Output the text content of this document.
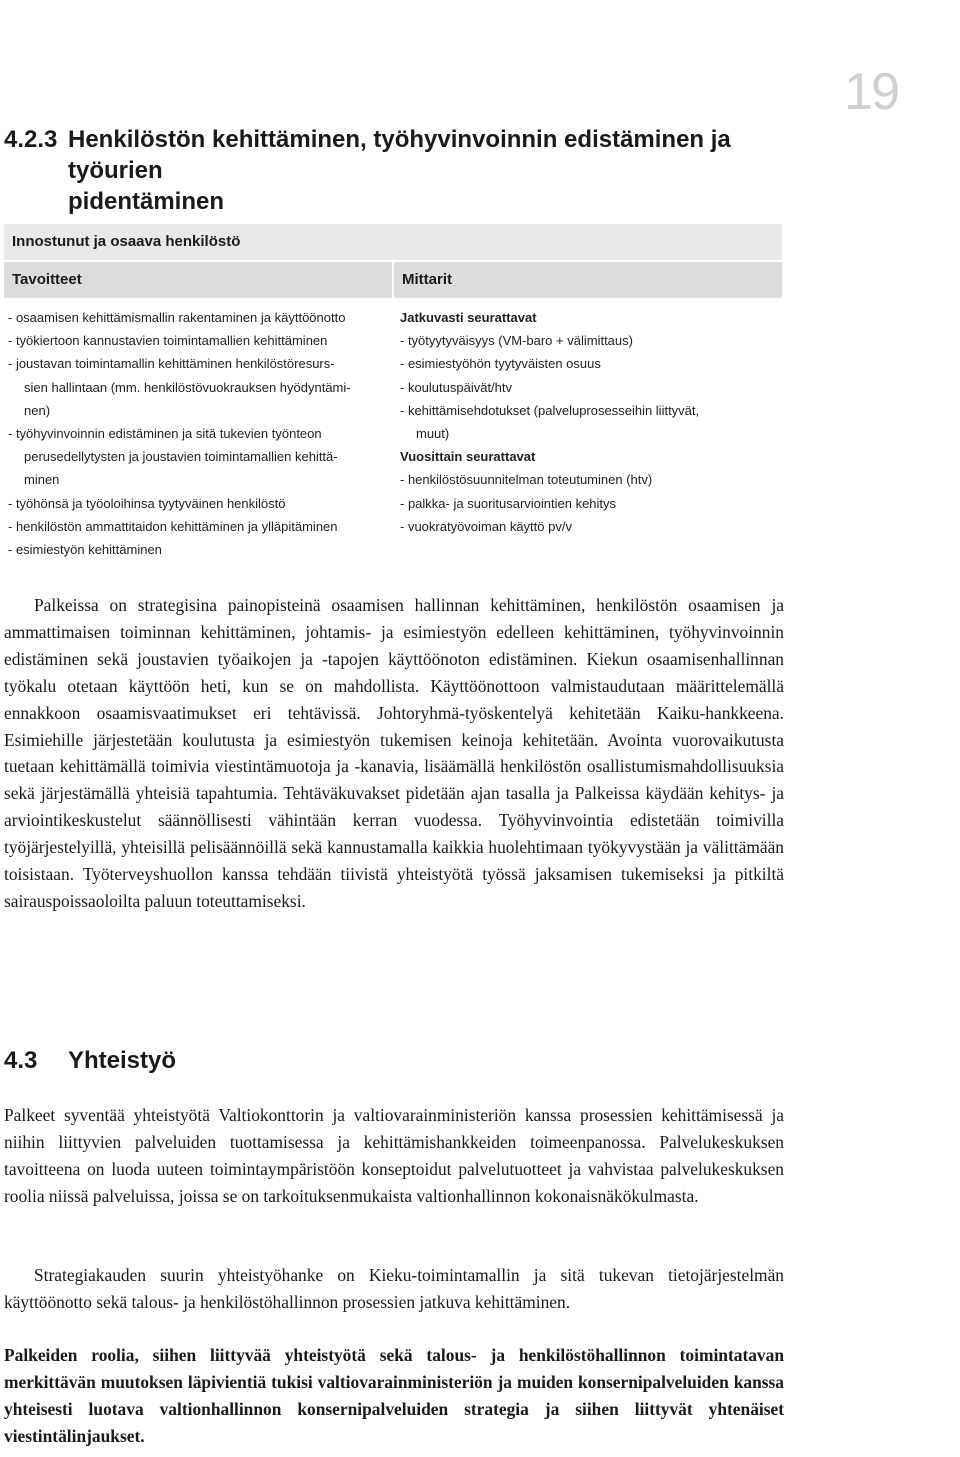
19
4.2.3 Henkilöstön kehittäminen, työhyvinvoinnin edistäminen ja työurien
pidentäminen
Innostunut ja osaava henkilöstö
Tavoitteet	Mittarit
- osaamisen kehittämismallin rakentaminen ja käyttöönotto
- työkiertoon kannustavien toimintamallien kehittäminen
- joustavan toimintamallin kehittäminen henkilöstöresurs-
sien hallintaan (mm. henkilöstövuokrauksen hyödyntämi-
nen)
- työhyvinvoinnin edistäminen ja sitä tukevien työnteon
perusedellytysten ja joustavien toimintamallien kehittä-
minen
- työhönsä ja työoloihinsa tyytyväinen henkilöstö
- henkilöstön ammattitaidon kehittäminen ja ylläpitäminen
- esimiestyön kehittäminen
Jatkuvasti seurattavat
- työtyytyväisyys (VM-baro + välimittaus)
- esimiestyöhön tyytyväisten osuus
- koulutuspäivät/htv
- kehittämisehdotukset (palveluprosesseihin liittyvät,
muut)
Vuosittain seurattavat
- henkilöstösuunnitelman toteutuminen (htv)
- palkka- ja suoritusarviointien kehitys
- vuokratyövoiman käyttö pv/v
Palkeissa on strategisina painopisteinä osaamisen hallinnan kehittäminen, henkilöstön osaamisen ja ammattimaisen toiminnan kehittäminen, johtamis- ja esimiestyön edelleen kehittäminen, työhyvinvoinnin edistäminen sekä joustavien työaikojen ja -tapojen käyttöönoton edistäminen. Kiekun osaamisenhallinnan työkalu otetaan käyttöön heti, kun se on mahdollista. Käyttöönottoon valmistaudutaan määrittelemällä ennakkoon osaamisvaatimukset eri tehtävissä. Johtoryhmä-työskentelyä kehitetään Kaiku-hankkeena. Esimiehille järjestetään koulutusta ja esimiestyön tukemisen keinoja kehitetään. Avointa vuorovaikutusta tuetaan kehittämällä toimivia viestintämuotoja ja -kanavia, lisäämällä henkilöstön osallistumismahdollisuuksia sekä järjestämällä yhteisiä tapahtumia. Tehtäväkuvakset pidetään ajan tasalla ja Palkeissa käydään kehitys- ja arviointikeskustelut säännöllisesti vähintään kerran vuodessa. Työhyvinvointia edistetään toimivilla työjärjestelyillä, yhteisillä pelisäännöillä sekä kannustamalla kaikkia huolehtimaan työkyvystään ja välittämään toisistaan. Työterveyshuollon kanssa tehdään tiivistä yhteistyötä työssä jaksamisen tukemiseksi ja pitkiltä sairauspoissaoloilta paluun toteuttamiseksi.
4.3 Yhteistyö
Palkeet syventää yhteistyötä Valtiokonttorin ja valtiovarainministeriön kanssa prosessien kehittämisessä ja niihin liittyvien palveluiden tuottamisessa ja kehittämishankkeiden toimeenpanossa. Palvelukeskuksen tavoitteena on luoda uuteen toimintaympäristöön konseptoidut palvelutuotteet ja vahvistaa palvelukeskuksen roolia niissä palveluissa, joissa se on tarkoituksenmukaista valtionhallinnon kokonaisnäkökulmasta.
Strategiakauden suurin yhteistyöhanke on Kieku-toimintamallin ja sitä tukevan tietojärjestelmän käyttöönotto sekä talous- ja henkilöstöhallinnon prosessien jatkuva kehittäminen.
Palkeiden roolia, siihen liittyvää yhteistyötä sekä talous- ja henkilöstöhallinnon toimintatavan merkittävän muutoksen läpivientiä tukisi valtiovarainministeriön ja muiden konsernipalveluiden kanssa yhteisesti luotava valtionhallinnon konsernipalveluiden strategia ja siihen liittyvät yhtenäiset viestintälinjaukset.
